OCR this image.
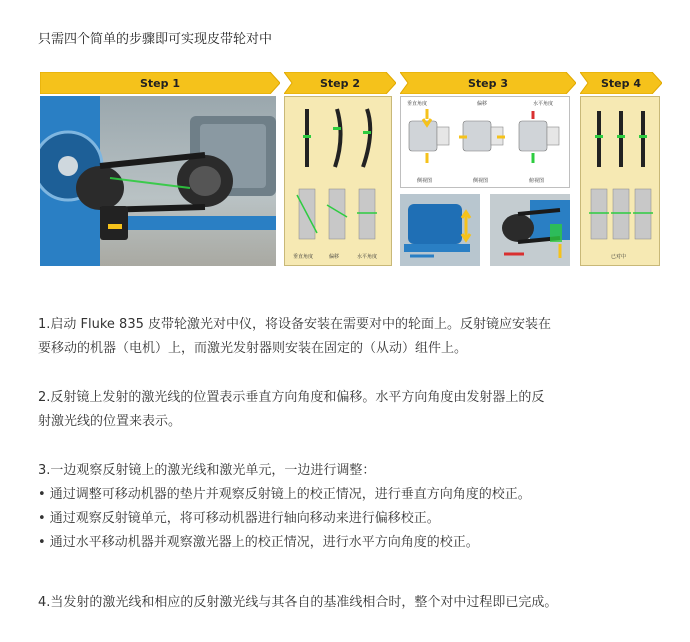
只需四个简单的步骤即可实现皮带轮对中
Step 1	Step 2	Step 3	Step 4
垂直角度	偏移	水平角度
垂直角度	偏移	水平角度
侧视图	侧视图	俯视图
已对中

1.启动 Fluke 835 皮带轮激光对中仪，将设备安装在需要对中的轮面上。反射镜应安装在

要移动的机器（电机）上，而激光发射器则安装在固定的（从动）组件上。

2.反射镜上发射的激光线的位置表示垂直方向角度和偏移。水平方向角度由发射器上的反

射激光线的位置来表示。

3.一边观察反射镜上的激光线和激光单元，一边进行调整：

• 通过调整可移动机器的垫片并观察反射镜上的校正情况，进行垂直方向角度的校正。

• 通过观察反射镜单元，将可移动机器进行轴向移动来进行偏移校正。

• 通过水平移动机器并观察激光器上的校正情况，进行水平方向角度的校正。

4.当发射的激光线和相应的反射激光线与其各自的基准线相合时，整个对中过程即已完成。
